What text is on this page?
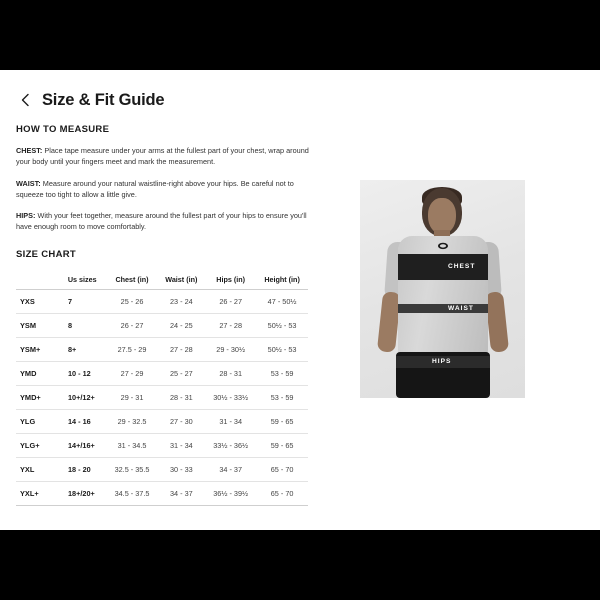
Size & Fit Guide
HOW TO MEASURE

CHEST: Place tape measure under your arms at the fullest part of your chest, wrap around your body until your fingers meet and mark the measurement.

WAIST: Measure around your natural waistline-right above your hips. Be careful not to squeeze too tight to allow a little give.

HIPS: With your feet together, measure around the fullest part of your hips to ensure you'll have enough room to move comfortably.

SIZE CHART
	Us sizes	Chest (in)	Waist (in)	Hips (in)	Height (in)
YXS	7	25 - 26	23 - 24	26 - 27	47 - 50½
YSM	8	26 - 27	24 - 25	27 - 28	50½ - 53
YSM+	8+	27.5 - 29	27 - 28	29 - 30½	50½ - 53
YMD	10 - 12	27 - 29	25 - 27	28 - 31	53 - 59
YMD+	10+/12+	29 - 31	28 - 31	30½ - 33½	53 - 59
YLG	14 - 16	29 - 32.5	27 - 30	31 - 34	59 - 65
YLG+	14+/16+	31 - 34.5	31 - 34	33½ - 36½	59 - 65
YXL	18 - 20	32.5 - 35.5	30 - 33	34 - 37	65 - 70
YXL+	18+/20+	34.5 - 37.5	34 - 37	36½ - 39½	65 - 70
CHEST
WAIST
HIPS
